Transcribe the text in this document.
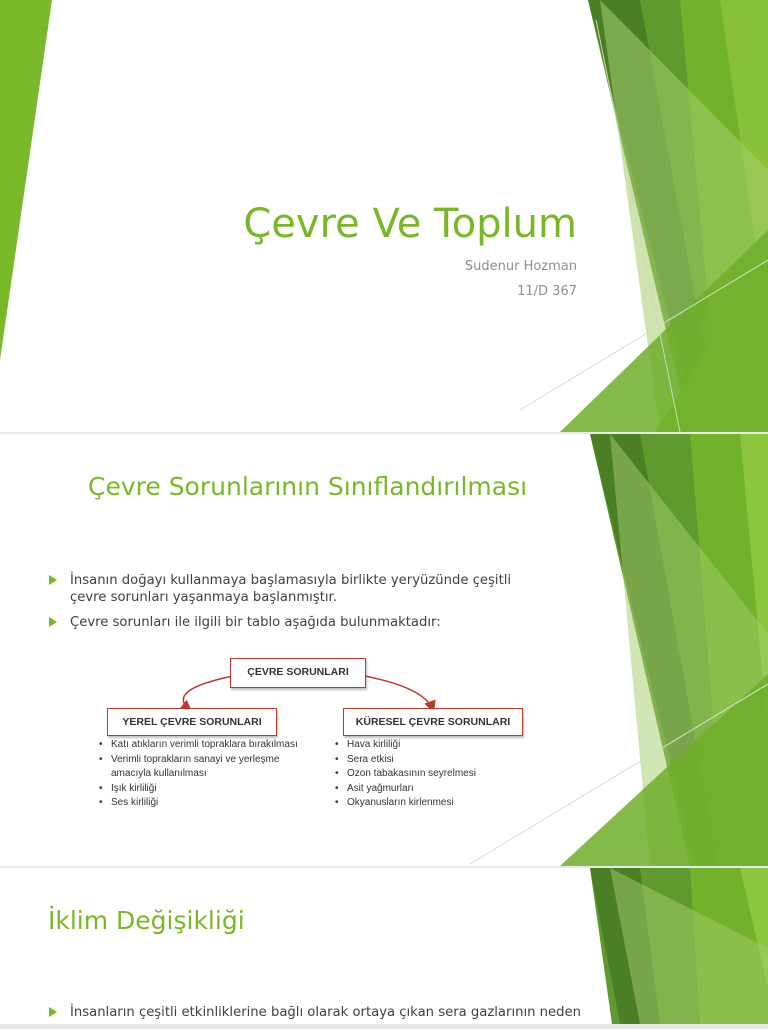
Çevre Ve Toplum
Sudenur Hozman
11/D 367
Çevre Sorunlarının Sınıflandırılması
İnsanın doğayı kullanmaya başlamasıyla birlikte yeryüzünde çeşitli çevre sorunları yaşanmaya başlanmıştır.
Çevre sorunları ile ilgili bir tablo aşağıda bulunmaktadır:
ÇEVRE SORUNLARI
YEREL ÇEVRE SORUNLARI	KÜRESEL ÇEVRE SORUNLARI
• Katı atıkların verimli topraklara bırakılması
• Verimli toprakların sanayi ve yerleşme amacıyla kullanılması
• Işık kirliliği
• Ses kirliliği
• Hava kirliliği
• Sera etkisi
• Ozon tabakasının seyrelmesi
• Asit yağmurları
• Okyanusların kirlenmesi
İklim Değişikliği
İnsanların çeşitli etkinliklerine bağlı olarak ortaya çıkan sera gazlarının neden
